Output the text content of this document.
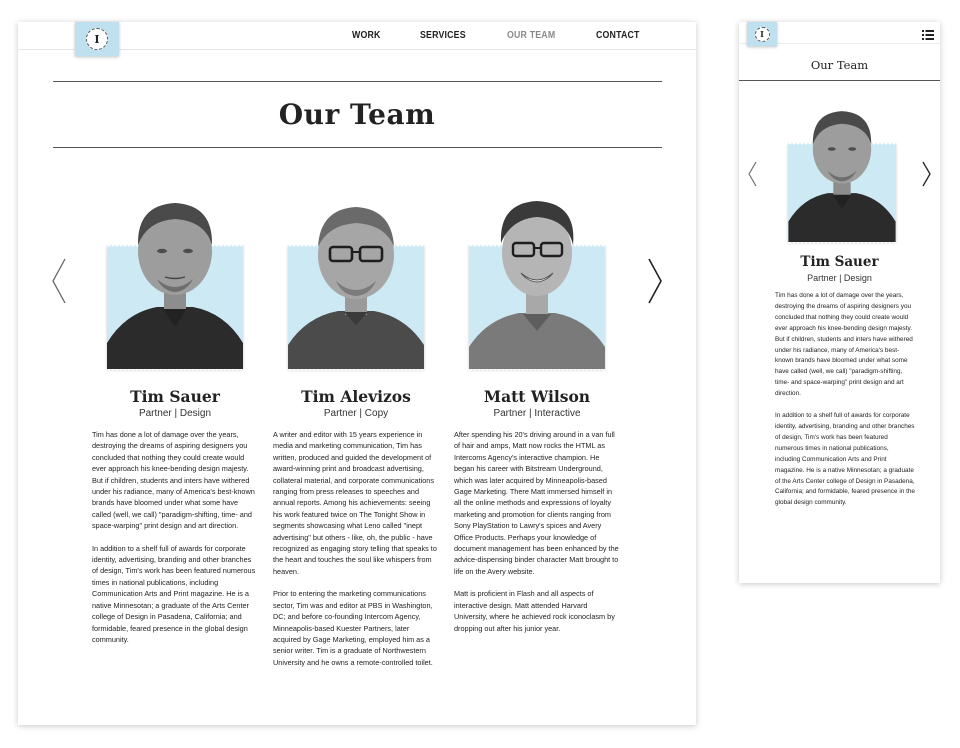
I	WORK	SERVICES	OUR TEAM	CONTACT
Our Team
Tim Sauer
Partner | Design

Tim has done a lot of damage over the years, destroying the dreams of aspiring designers you concluded that nothing they could create would ever approach his knee-bending design majesty. But if children, students and inters have withered under his radiance, many of America's best-known brands have bloomed under what some have called (well, we call) "paradigm-shifting, time- and space-warping" print design and art direction.

In addition to a shelf full of awards for corporate identity, advertising, branding and other branches of design, Tim's work has been featured numerous times in national publications, including Communication Arts and Print magazine. He is a native Minnesotan; a graduate of the Arts Center college of Design in Pasadena, California; and formidable, feared presence in the global design community.

Tim Alevizos
Partner | Copy

A writer and editor with 15 years experience in media and marketing communication, Tim has written, produced and guided the development of award-winning print and broadcast advertising, collateral material, and corporate communications ranging from press releases to speeches and annual reports. Among his achievements: seeing his work featured twice on The Tonight Show in segments showcasing what Leno called "inept advertising" but others - like, oh, the public - have recognized as engaging story telling that speaks to the heart and touches the soul like whispers from heaven.

Prior to entering the marketing communications sector, Tim was and editor at PBS in Washington, DC; and before co-founding Intercom Agency, Minneapolis-based Kuester Partners, later acquired by Gage Marketing, employed him as a senior writer. Tim is a graduate of Northwestern University and he owns a remote-controlled toilet.

Matt Wilson
Partner | Interactive

After spending his 20's driving around in a van full of hair and amps, Matt now rocks the HTML as Intercoms Agency's interactive champion. He began his career with Bitstream Underground, which was later acquired by Minneapolis-based Gage Marketing. There Matt immersed himself in all the online methods and expressions of loyalty marketing and promotion for clients ranging from Sony PlayStation to Lawry's spices and Avery Office Products. Perhaps your knowledge of document management has been enhanced by the advice-dispensing binder character Matt brought to life on the Avery website.

Matt is proficient in Flash and all aspects of interactive design. Matt attended Harvard University, where he achieved rock iconoclasm by dropping out after his junior year.

I
Our Team
Tim Sauer
Partner | Design

Tim has done a lot of damage over the years, destroying the dreams of aspiring designers you concluded that nothing they could create would ever approach his knee-bending design majesty. But if children, students and inters have withered under his radiance, many of America's best-known brands have bloomed under what some have called (well, we call) "paradigm-shifting, time- and space-warping" print design and art direction.

In addition to a shelf full of awards for corporate identity, advertising, branding and other branches of design, Tim's work has been featured numerous times in national publications, including Communication Arts and Print magazine. He is a native Minnesotan; a graduate of the Arts Center college of Design in Pasadena, California; and formidable, feared presence in the global design community.
